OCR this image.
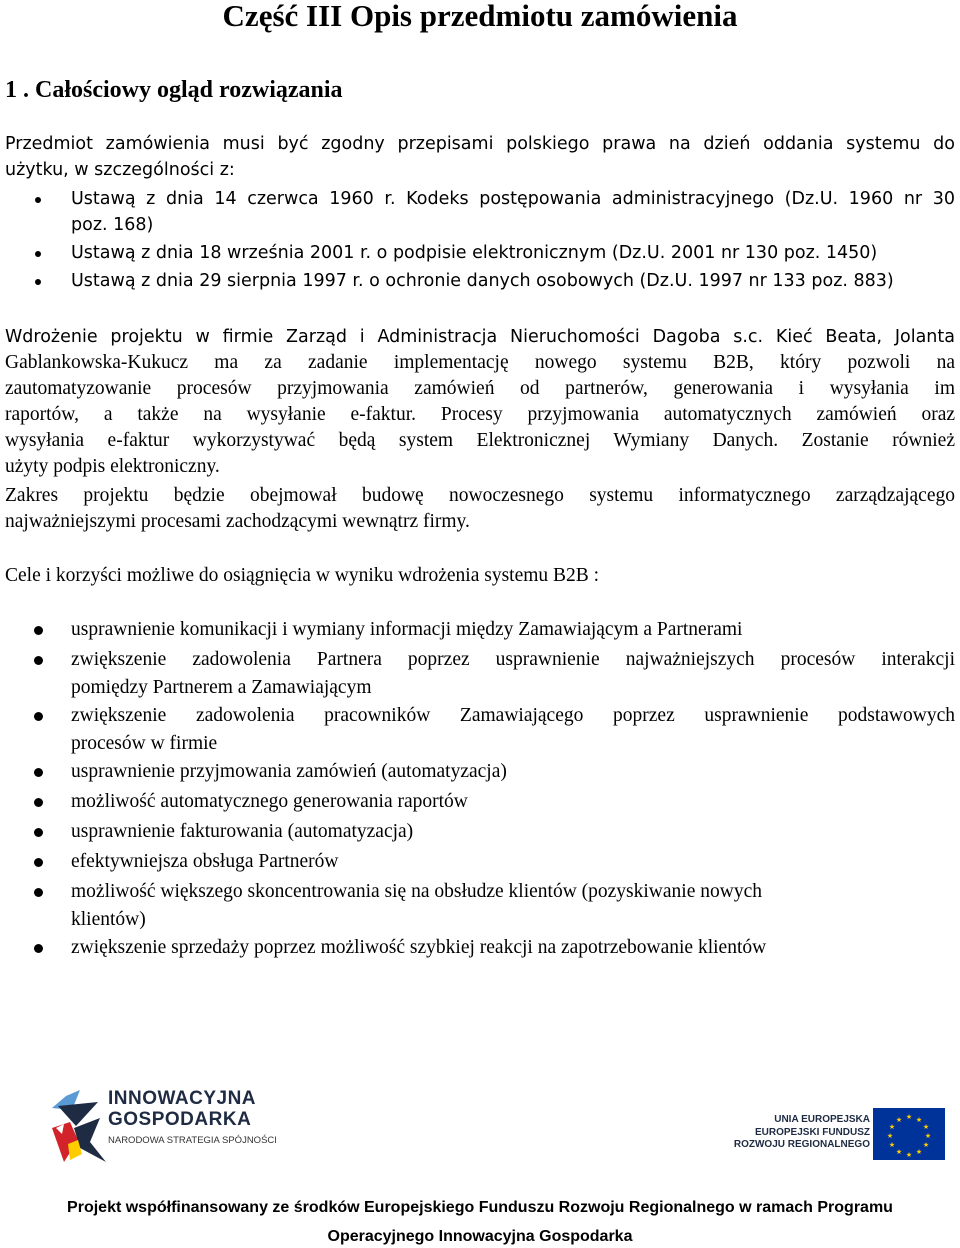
Część III Opis przedmiotu zamówienia
1 . Całościowy ogląd rozwiązania
Przedmiot zamówienia musi być zgodny przepisami polskiego prawa na dzień oddania systemu do
użytku, w szczególności z:
Ustawą z dnia 14 czerwca 1960 r. Kodeks postępowania administracyjnego (Dz.U. 1960 nr 30
poz. 168)
Ustawą z dnia 18 września 2001 r. o podpisie elektronicznym (Dz.U. 2001 nr 130 poz. 1450)
Ustawą z dnia 29 sierpnia 1997 r. o ochronie danych osobowych (Dz.U. 1997 nr 133 poz. 883)
Wdrożenie projektu w firmie Zarząd i Administracja Nieruchomości Dagoba s.c. Kieć Beata, Jolanta
Gablankowska-Kukucz ma za zadanie implementację nowego systemu B2B, który pozwoli na
zautomatyzowanie procesów przyjmowania zamówień od partnerów, generowania i wysyłania im
raportów, a także na wysyłanie e-faktur. Procesy przyjmowania automatycznych zamówień oraz
wysyłania e-faktur wykorzystywać będą system Elektronicznej Wymiany Danych. Zostanie również
użyty podpis elektroniczny.
Zakres projektu będzie obejmował budowę nowoczesnego systemu informatycznego zarządzającego
najważniejszymi procesami zachodzącymi wewnątrz firmy.
Cele i korzyści możliwe do osiągnięcia w wyniku wdrożenia systemu B2B :
usprawnienie komunikacji i wymiany informacji między Zamawiającym a Partnerami
zwiększenie zadowolenia Partnera poprzez usprawnienie najważniejszych procesów interakcji
pomiędzy Partnerem a Zamawiającym
zwiększenie zadowolenia pracowników Zamawiającego poprzez usprawnienie podstawowych
procesów w firmie
usprawnienie przyjmowania zamówień (automatyzacja)
możliwość automatycznego generowania raportów
usprawnienie fakturowania (automatyzacja)
efektywniejsza obsługa Partnerów
możliwość większego skoncentrowania się na obsłudze klientów (pozyskiwanie nowych
klientów)
zwiększenie sprzedaży poprzez możliwość szybkiej reakcji na zapotrzebowanie klientów
INNOWACYJNA
GOSPODARKA
NARODOWA STRATEGIA SPÓJNOŚCI
UNIA EUROPEJSKA
EUROPEJSKI FUNDUSZ
ROZWOJU REGIONALNEGO
★ ★
★
★
★
★
★
★
★
★
★
★
Projekt współfinansowany ze środków Europejskiego Funduszu Rozwoju Regionalnego w ramach Programu
Operacyjnego Innowacyjna Gospodarka
